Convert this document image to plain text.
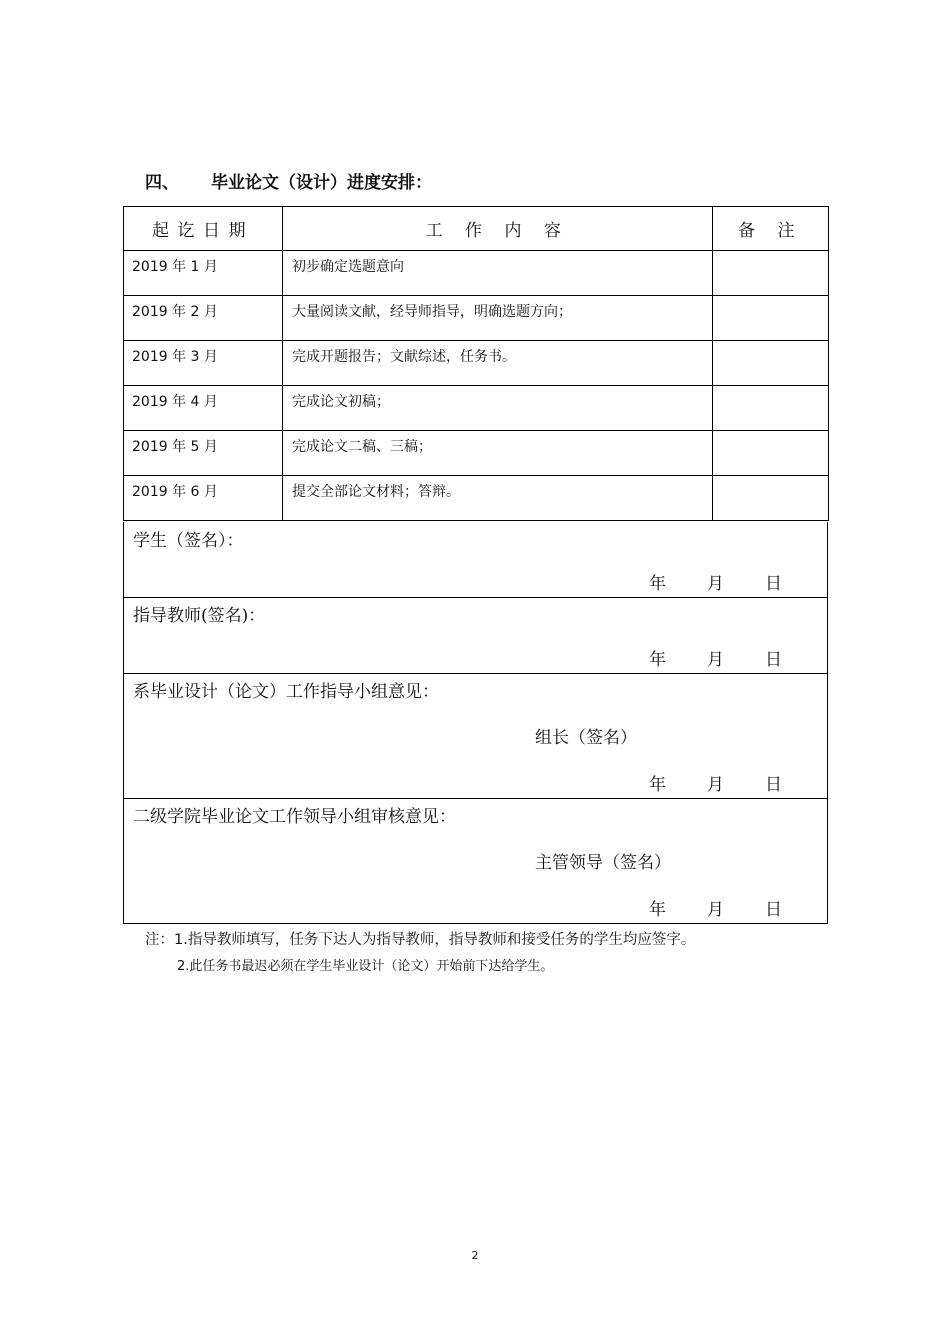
四、 毕业论文（设计）进度安排：
起讫日期	工 作 内 容	备 注

2019 年 1 月	初步确定选题意向	

2019 年 2 月	大量阅读文献，经导师指导，明确选题方向；	

2019 年 3 月	完成开题报告；文献综述，任务书。	

2019 年 4 月	完成论文初稿；	

2019 年 5 月	完成论文二稿、三稿；	

2019 年 6 月	提交全部论文材料；答辩。	

学生（签名）：
年 月 日
指导教师(签名)：
年 月 日
系毕业设计（论文）工作指导小组意见：
组长（签名）
年 月 日
二级学院毕业论文工作领导小组审核意见：
主管领导（签名）
年 月 日
注：1.指导教师填写，任务下达人为指导教师，指导教师和接受任务的学生均应签字。
2.此任务书最迟必须在学生毕业设计（论文）开始前下达给学生。
2
